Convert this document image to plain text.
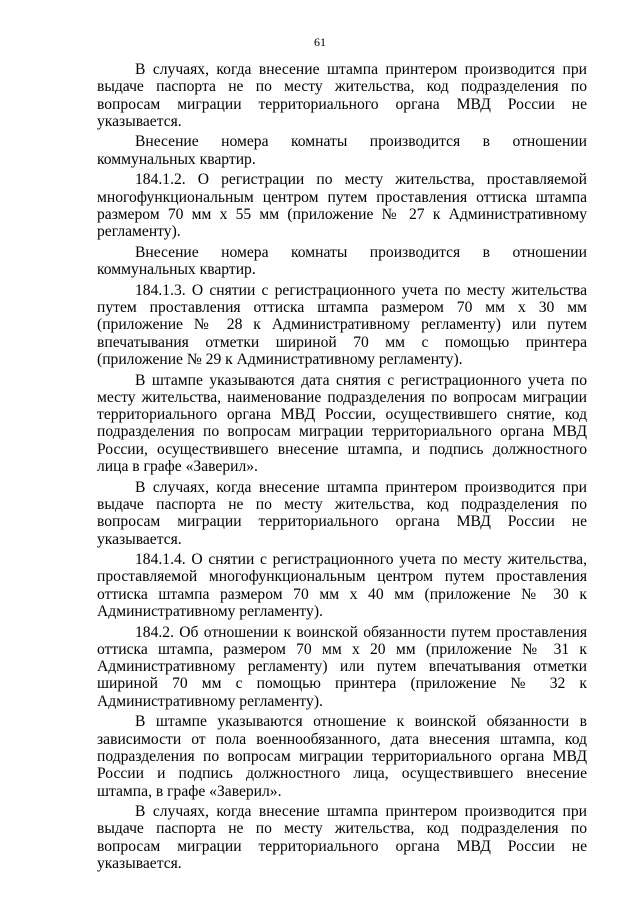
61

В случаях, когда внесение штампа принтером производится при выдаче паспорта не по месту жительства, код подразделения по вопросам миграции территориального органа МВД России не указывается.

Внесение номера комнаты производится в отношении коммунальных квартир.

184.1.2. О регистрации по месту жительства, проставляемой многофункциональным центром путем проставления оттиска штампа размером 70 мм х 55 мм (приложение № 27 к Административному регламенту).

Внесение номера комнаты производится в отношении коммунальных квартир.

184.1.3. О снятии с регистрационного учета по месту жительства путем проставления оттиска штампа размером 70 мм х 30 мм (приложение № 28 к Административному регламенту) или путем впечатывания отметки шириной 70 мм с помощью принтера (приложение № 29 к Административному регламенту).

В штампе указываются дата снятия с регистрационного учета по месту жительства, наименование подразделения по вопросам миграции территориального органа МВД России, осуществившего снятие, код подразделения по вопросам миграции территориального органа МВД России, осуществившего внесение штампа, и подпись должностного лица в графе «Заверил».

В случаях, когда внесение штампа принтером производится при выдаче паспорта не по месту жительства, код подразделения по вопросам миграции территориального органа МВД России не указывается.

184.1.4. О снятии с регистрационного учета по месту жительства, проставляемой многофункциональным центром путем проставления оттиска штампа размером 70 мм х 40 мм (приложение № 30 к Административному регламенту).

184.2. Об отношении к воинской обязанности путем проставления оттиска штампа, размером 70 мм х 20 мм (приложение № 31 к Административному регламенту) или путем впечатывания отметки шириной 70 мм с помощью принтера (приложение № 32 к Административному регламенту).

В штампе указываются отношение к воинской обязанности в зависимости от пола военнообязанного, дата внесения штампа, код подразделения по вопросам миграции территориального органа МВД России и подпись должностного лица, осуществившего внесение штампа, в графе «Заверил».

В случаях, когда внесение штампа принтером производится при выдаче паспорта не по месту жительства, код подразделения по вопросам миграции территориального органа МВД России не указывается.
